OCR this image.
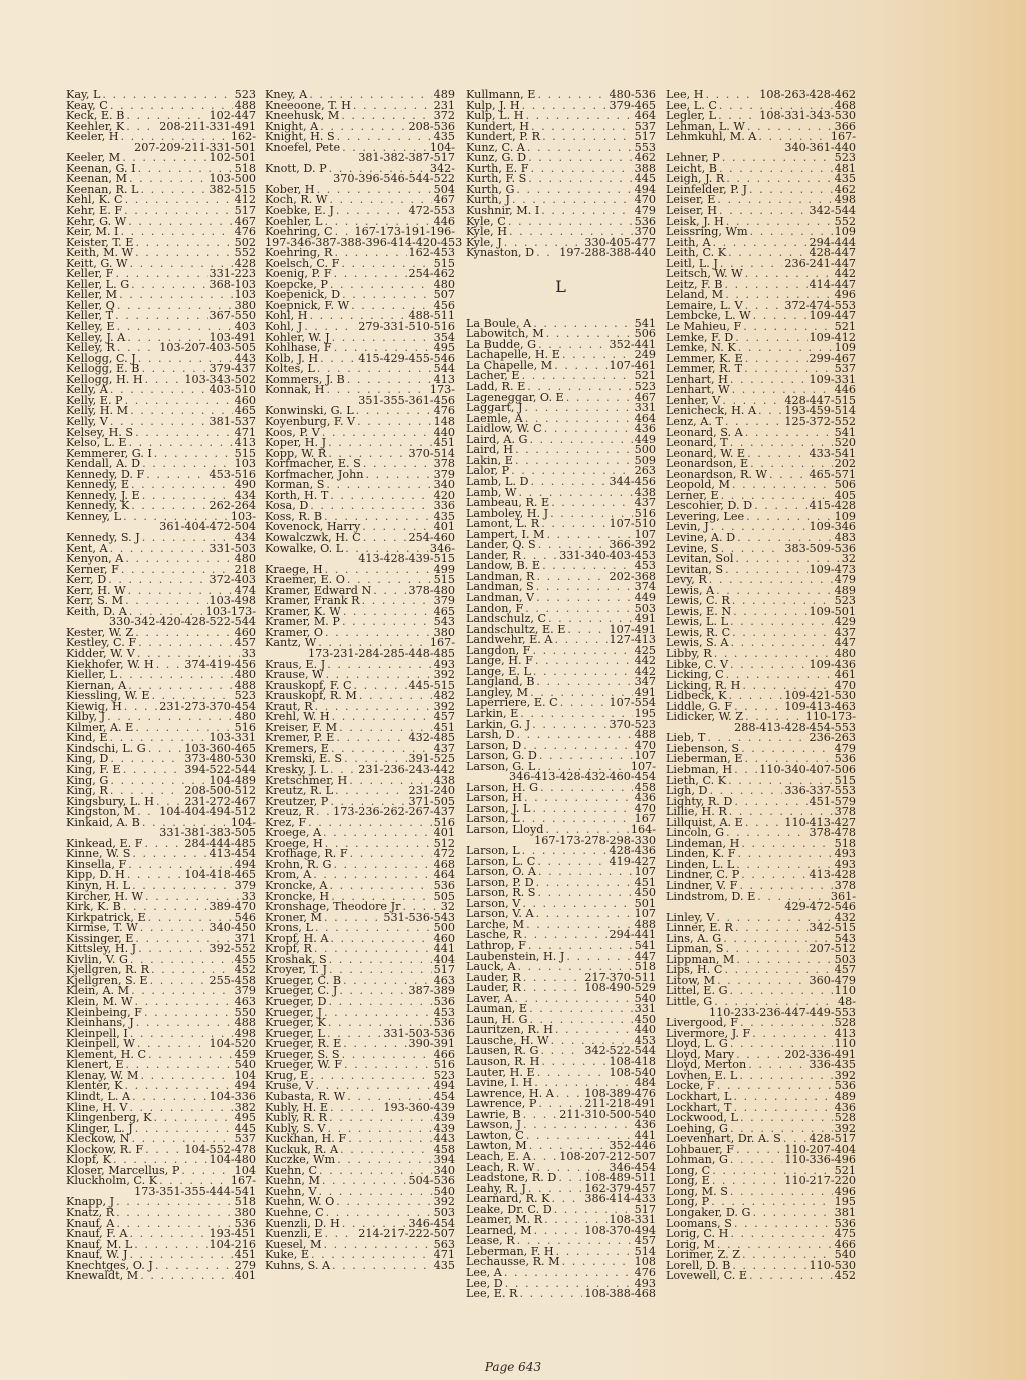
Kay, L . . .	523
Keay, C . . .	488
Keck, E. B . . .	102-447
Keehler, K . . .	208-211-331-491
Keeler, H . . .	162-
207-209-211-331-501
Keeler, M . . .	102-501
Keenan, G. I . . .	518
Keenan, M . . .	103-500
Keenan, R. L . . .	382-515
Kehl, K. C . . .	412
Kehr, E. F . . .	517
Kehr, G. W . . .	467
Keir, M. I . . .	476
Keister, T. E . . .	502
Keith, M. W . . .	552
Keitt, G. W . . .	428
Keller, F . . .	331-223
Keller, L. G . . .	368-103
Keller, M . . .	103
Keller, Q . . .	380
Keller, T . . .	367-550
Kelley, E . . .	403
Kelley, J. A . . .	103-491
Kelley, R . . .	103-207-403-505
Kellogg, C. J . . .	443
Kellogg, E. B . . .	379-437
Kellogg, H. H . . .	103-343-502
Kelly, A . . .	403-510
Kelly, E. P . . .	460
Kelly, H. M . . .	465
Kelly, V . . .	381-537
Kelsey, H. S . . .	471
Kelso, L. E . . .	413
Kemmerer, G. I . . .	515
Kendall, A. D . . .	103
Kennedy, D. F . . .	453-516
Kennedy, E . . .	490
Kennedy, J. E . . .	434
Kennedy, K . . .	262-264
Kenney, L . . .	103-
361-404-472-504
Kennedy, S. J . . .	434
Kent, A . . .	331-503
Kenyon, A . . .	480
Kerner, F . . .	218
Kerr, D . . .	372-403
Kerr, H. W . . .	474
Kerr, S. M . . .	103-498
Keith, D. A . . .	103-173-
330-342-420-428-522-544
Kester, W. Z . . .	460
Kestley, C. F . . .	457
Kidder, W. V . . .	33
Kiekhofer, W. H . . .	374-419-456
Kieller, L . . .	480
Kiernan, A . . .	488
Kiessling, W. E . . .	523
Kiewig, H . . .	231-273-370-454
Kilby, J . . .	480
Kilmer, A. E . . .	516
Kind, E . . .	103-331
Kindschi, L. G . . .	103-360-465
King, D . . .	373-480-530
King, F. E . . .	394-522-544
King, G . . .	104-489
King, R . . .	208-500-512
Kingsbury, L. H . . .	231-272-467
Kingston, M . . . 104-404-494-512
Kinkaid, A. B . . .	104-
331-381-383-505
Kinkead, E. F . . .	284-444-485
Kinne, W. S . . .	413-454
Kinsella, F . . .	494
Kipp, D. H . . .	104-418-465
Kinyn, H. L . . .	379
Kircher, H. W . . .	33
Kirk, K. B . . .	389-470
Kirkpatrick, E . . .	546
Kirmse, T. W . . .	340-450
Kissinger, E . . .	371
Kittsley, H. J . . .	392-552
Kivlin, V. G . . .	455
Kjellgren, R. R . . .	452
Kjellgren, S. E . . .	255-458
Klein, A. M . . .	379
Klein, M. W . . .	463
Kleinbeing, F . . .	550
Kleinhans, J . . .	488
Kleinpell, I . . .	498
Kleinpell, W . . .	104-520
Klement, H. C . . .	459
Klenert, E . . .	540
Klenay, W. M . . .	104
Klenter, K . . .	494
Klindt, L. A . . .	104-336
Kline, H. V . . .	382
Klingenberg, K . . .	495
Klinger, L. J . . .	445
Kleckow, N . . .	537
Klockow, R. F . . .	104-552-478
Klopf, K . . .	104-480
Kloser, Marcellus, P . . .	104
Kluckholm, C. K . . .	167-
173-351-355-444-541
Knapp, J . . .	518
Knatz, R . . .	380
Knauf, A . . .	536
Knauf, F. A . . .	193-451
Knauf, M. L . . .	104-216
Knauf, W. J . . .	451
Knechtges, O. J . . .	279
Knewaldt, M . . .	401
Kney, A . . .	489
Kneeoone, T. H . . .	231
Kneehusk, M . . .	372
Knight, A . . .	208-536
Knight, H. S . . .	435
Knoefel, Pete . . .	104-
381-382-387-517
Knott, D. P . . .	342-
370-396-546-544-522
Kober, H . . .	504
Koch, R. W . . .	467
Koebke, E. J . . .	472-553
Koehler, L . . .	446
Koehring, C . . . 167-173-191-196-
197-346-387-388-396-414-420-453
Koehring, R . . .	162-453
Koelsch, C. F . . .	515
Koenig, P. F . . .	254-462
Koepcke, P . . .	480
Koepenick, D . . .	507
Koepnick, F. W . . .	456
Kohl, H . . .	488-511
Kohl, J . . .	279-331-510-516
Kohler, W. J . . .	354
Kohlhase, F . . .	495
Kolb, J. H . . .	415-429-455-546
Koltes, L . . .	544
Kommers, J. B . . .	413
Konnak, H . . .	173-
351-355-361-456
Konwinski, G. L . . .	476
Koyenburg, F. V . . .	148
Koos, P. V . . .	440
Koper, H. J . . .	451
Kopp, W. R . . .	370-514
Korfmacher, E. S . . .	378
Korfmacher, John . . .	379
Korman, S . . .	340
Korth, H. T . . .	420
Kosa, D . . .	336
Koss, R. B . . .	435
Kovenock, Harry . . .	401
Kowalczwk, H. C . . .	254-460
Kowalke, O. L . . .	346-
413-428-439-515
Kraege, H . . .	499
Kraemer, E. O . . .	515
Kramer, Edward N . . .	378-480
Kramer, Frank R . . .	379
Kramer, K. W . . .	465
Kramer, M. P . . .	543
Kramer, O . . .	380
Kantz, W . . .	167-
173-231-284-285-448-485
Kraus, E. J . . .	493
Krause, W . . .	392
Krauskopf, F. C . . .	445-515
Krauskopf, R. M . . .	482
Kraut, R . . .	392
Krehl, W. H . . .	457
Kreiser, F. M . . .	451
Kremer, P. E . . .	432-485
Kremers, E . . .	437
Kremski, E. S . . .	391-525
Kresky, J. L . . .	231-236-243-442
Kretschmer, H . . .	438
Kreutz, R. L . . .	231-240
Kreutzer, P . . .	371-505
Kreuz, R . . . 173-236-262-267-437
Krez, F . . .	516
Kroege, A . . .	401
Kroege, H . . .	512
Krofhage, R. F . . .	472
Krohn, R. G . . .	468
Krom, A . . .	464
Kroncke, A . . .	536
Kroncke, H . . .	505
Kronshage, Theodore Jr . . .	32
Kroner, M . . .	531-536-543
Krons, L . . .	500
Kropf, H. A . . .	460
Kropf, R . . .	441
Kroshak, S . . .	404
Kroyer, T. J . . .	517
Krueger, C. B . . .	463
Krueger, C. J . . .	387-389
Krueger, D . . .	536
Krueger, J . . .	453
Krueger, K . . .	536
Krueger, L . . .	331-503-536
Krueger, R. E . . .	390-391
Krueger, S. S . . .	466
Krueger, W. F . . .	516
Krug, E . . .	523
Kruse, V . . .	494
Kubasta, R. W . . .	454
Kubly, H. E . . .	193-360-439
Kubly, R. R . . .	439
Kubly, S. V . . .	439
Kuckhan, H. F . . .	443
Kuckuk, R. A . . .	458
Kuczke, Wm . . .	394
Kuehn, C . . .	340
Kuehn, M . . .	504-536
Kuehn, V . . .	540
Kuehn, W. O . . .	392
Kuehne, C . . .	503
Kuenzli, D. H . . .	346-454
Kuenzli, E . . .	214-217-222-507
Kuesel, M . . .	563
Kuke, E . . .	471
Kuhns, S. A . . .	435
Kullmann, E . . .	480-536
Kulp, J. H . . .	379-465
Kulp, L. H . . .	464
Kundert, H . . .	537
Kundert, P. R . . .	517
Kunz, C. A . . .	553
Kunz, G. D . . .	462
Kurth, E. F . . .	388
Kurth, F. S . . .	445
Kurth, G . . .	494
Kurth, J . . .	470
Kushnir, M. I . . .	479
Kyle, C . . .	536
Kyle, H . . .	370
Kyle, J . . .	330-405-477
Kynaston, D . . . 197-288-388-440
L
La Boule, A . . .	541
Labowitch, M . . .	506
La Budde, G . . .	352-441
Lachapelle, H. E . . .	249
La Chapelle, M . . .	107-461
Lacher, E . . .	521
Ladd, R. E . . .	523
Lageneggar, O. E . . .	467
Laggart, J . . .	331
Laemle, A . . .	464
Laidlow, W. C . . .	436
Laird, A. G . . .	449
Laird, H . . .	500
Lakin, E . . .	509
Lalor, P . . .	263
Lamb, L. D . . .	344-456
Lamb, W . . .	438
Lambeau, R. E . . .	437
Lamboley, H. J . . .	516
Lamont, L. R . . .	107-510
Lampert, I. M . . .	107
Lander, Q. S . . .	366-392
Lander, R . . .	331-340-403-453
Landow, B. E . . .	453
Landman, R . . .	202-368
Landman, S . . .	374
Landman, V . . .	449
Landon, F . . .	503
Landschulz, C . . .	491
Landschultz, E. E . . .	107-491
Landwehr, E. A . . .	127-413
Langdon, F . . .	425
Lange, H. F . . .	442
Lange, E. L . . .	442
Langland, B . . .	347
Langley, M . . .	491
Laperriere, E. C . . .	107-554
Larkin, E . . .	195
Larkin, G. J . . .	370-523
Larsh, D . . .	488
Larson, D . . .	470
Larson, G. D . . .	107
Larson, G. L . . .	107-
346-413-428-432-460-454
Larson, H. G . . .	458
Larson, H . . .	436
Larson, J. L . . .	470
Larson, L . . .	167
Larson, Lloyd . . .	164-
167-173-278-298-330
Larson, L . . .	428-436
Larson, L. C . . .	419-427
Larson, O. A . . .	107
Larson, P. D . . .	451
Larson, R. S . . .	450
Larson, V . . .	501
Larson, V. A . . .	107
Larche, M . . .	488
Lasche, R . . .	294-441
Lathrop, F . . .	541
Laubenstein, H. J . . .	447
Lauck, A . . .	518
Lauder, R . . .	217-370-511
Lauder, R . . .	108-490-529
Laver, A . . .	540
Lauman, E . . .	331
Laun, H. G . . .	450
Lauritzen, R. H . . .	440
Lausche, H. W . . .	453
Lausen, R. G . . .	342-522-544
Lauson, R. H . . .	108-418
Lauter, H. E . . .	108-540
Lavine, I. H . . .	484
Lawrence, H. A . . .	108-389-476
Lawrence, P . . .	211-218-491
Lawrie, B . . .	211-310-500-540
Lawson, J . . .	436
Lawton, C . . .	441
Lawton, M . . .	352-446
Leach, E. A . . .	108-207-212-507
Leach, R. W . . .	346-454
Leadstone, R. D . . .	108-489-511
Leahy, R. J . . .	162-379-457
Learnard, R. K . . .	386-414-433
Leake, Dr. C. D . . .	517
Leamer, M. R . . .	108-331
Learned, M . . .	108-370-494
Lease, R . . .	457
Leberman, F. H . . .	514
Lechausse, R. M . . .	108
Lee, A . . .	476
Lee, D . . .	493
Lee, E. R . . .	108-388-468
Lee, H . . .	108-263-428-462
Lee, L. C . . .	468
Legler, L . . .	108-331-343-530
Lehman, L. W . . .	366
Lehmkuhl, M. A . . .	167-
340-361-440
Lehner, P . . .	523
Leicht, B . . .	481
Leigh, J. R . . .	435
Leinfelder, P. J . . .	462
Leiser, E . . .	498
Leiser, H . . .	342-544
Leisk, J. H . . .	552
Leissring, Wm . . .	109
Leith, A . . .	294-444
Leith, C. K . . .	428-447
Leitl, L. J . . .	236-241-447
Leitsch, W. W . . .	442
Leitz, F. B . . .	414-447
Leland, M . . .	496
Lemaire, L. V . . .	372-474-553
Lembcke, L. W . . .	109-447
Le Mahieu, F . . .	521
Lemke, F. D . . .	109-412
Lemke, N. K . . .	109
Lemmer, K. E . . .	299-467
Lemmer, R. T . . .	537
Lenhart, H . . .	109-331
Lenhart, W . . .	446
Lenher, V . . .	428-447-515
Lenicheck, H. A . . .	193-459-514
Lenz, A. T . . .	125-372-552
Leonard, S. A . . .	541
Leonard, T . . .	520
Leonard, W. E . . .	433-541
Leonardson, E . . .	202
Leonardson, R. W . . .	465-571
Leopold, M . . .	506
Lerner, E . . .	405
Lescohier, D. D . . .	415-428
Levering, Lee . . .	109
Levin, J . . .	109-346
Levine, A. D . . .	483
Levine, S . . .	383-509-536
Levitan, Sol . . .	32
Levitan, S . . .	109-473
Levy, R . . .	479
Lewis, A . . .	489
Lewis, C. R . . .	523
Lewis, E. N . . .	109-501
Lewis, L. L . . .	429
Lewis, R. C . . .	437
Lewis, S. A . . .	447
Libby, R . . .	480
Libke, C. V . . .	109-436
Licking, C . . .	461
Licking, R. H . . .	470
Lidbeck, K . . .	109-421-530
Liddle, G. F . . .	109-413-463
Lidicker, W. Z . . .	110-173-
288-413-428-454-553
Lieb, T . . .	236-263
Liebenson, S . . .	479
Lieberman, E . . .	536
Liebman, H . . . 110-340-407-506
Lieth, C. K . . .	515
Ligh, D . . .	336-337-553
Lighty, R. D . . .	451-579
Lillie, H. R . . .	378
Lillquist, A. E . . .	110-413-427
Lincoln, G . . .	378-478
Lindeman, H . . .	518
Linden, K. F . . .	493
Linden, L. L . . .	493
Lindner, C. P . . .	413-428
Lindner, V. F . . .	378
Lindstrom, D. E . . .	361-
429-472-546
Linley, V . . .	432
Linner, E. R . . .	342-515
Lins, A. G . . .	543
Lipman, S . . .	207-512
Lippman, M . . .	503
Lips, H. C . . .	457
Litow, M . . .	360-479
Littel, E. G . . .	110
Little, G . . .	48-
110-233-236-447-449-553
Livergood, F . . .	528
Livermore, J. F . . .	413
Lloyd, L. G . . .	110
Lloyd, Mary . . .	202-336-491
Lloyd, Merton . . .	336-435
Lovhen, E. L . . .	392
Locke, F . . .	536
Lockhart, L . . .	489
Lockhart, T . . .	436
Lockwood, L . . .	528
Loehing, G . . .	392
Loevenhart, Dr. A. S . . .	428-517
Lohbauer, F . . .	110-207-404
Lohman, G . . .	110-336-496
Long, C . . .	521
Long, E . . .	110-217-220
Long, M. S . . .	496
Long, P . . .	195
Longaker, D. G . . .	381
Loomans, S . . .	536
Lorig, C. H . . .	475
Lorig, M . . .	466
Lorimer, Z. Z . . .	540
Lorell, D. B . . .	110-530
Lovewell, C. E . . .	452
Page 643
